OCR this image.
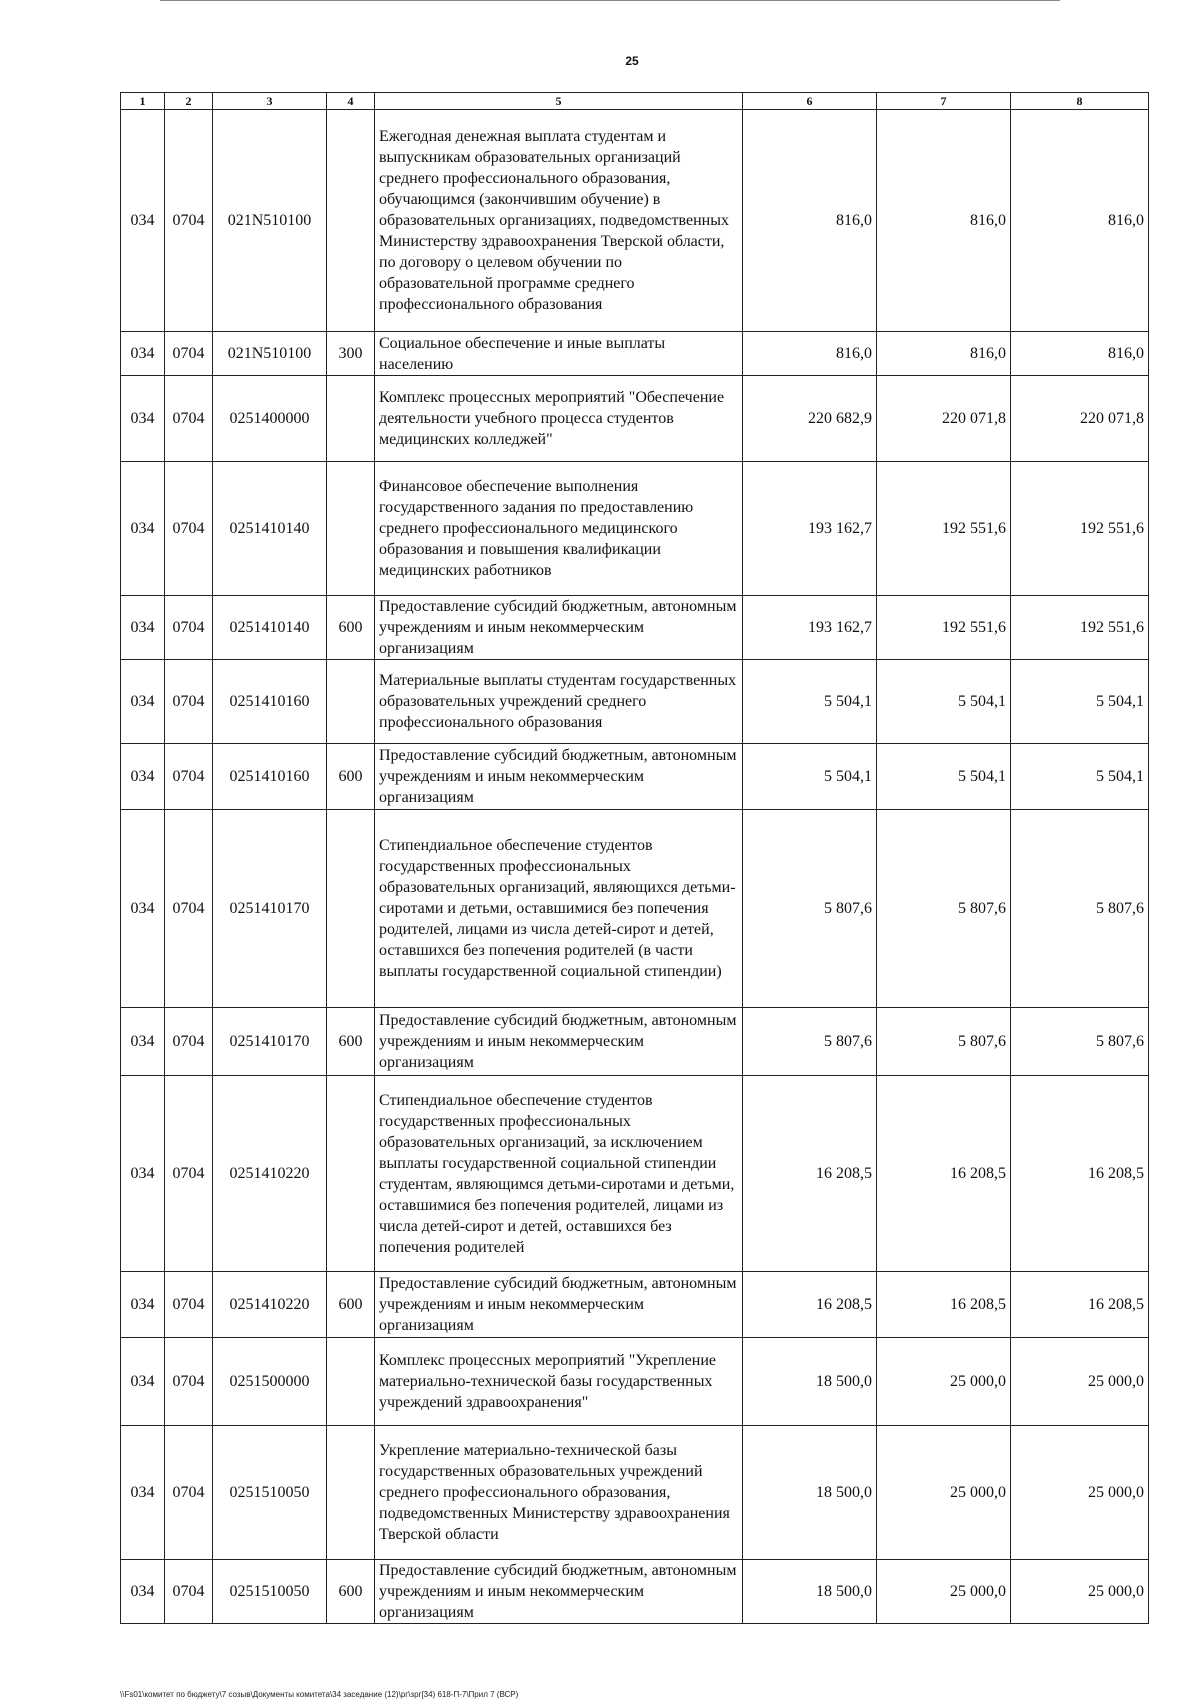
25
1	2	3	4	5	6	7	8
034	0704	021N510100		Ежегодная денежная выплата студентам и выпускникам образовательных организаций среднего профессионального образования, обучающимся (закончившим обучение) в образовательных организациях, подведомственных Министерству здравоохранения Тверской области, по договору о целевом обучении по образовательной программе среднего профессионального образования	816,0	816,0	816,0
034	0704	021N510100	300	Социальное обеспечение и иные выплаты населению	816,0	816,0	816,0
034	0704	0251400000		Комплекс процессных мероприятий "Обеспечение деятельности учебного процесса студентов медицинских колледжей"	220 682,9	220 071,8	220 071,8
034	0704	0251410140		Финансовое обеспечение выполнения государственного задания по предоставлению среднего профессионального медицинского образования и повышения квалификации медицинских работников	193 162,7	192 551,6	192 551,6
034	0704	0251410140	600	Предоставление субсидий бюджетным, автономным учреждениям и иным некоммерческим организациям	193 162,7	192 551,6	192 551,6
034	0704	0251410160		Материальные выплаты студентам государственных образовательных учреждений среднего профессионального образования	5 504,1	5 504,1	5 504,1
034	0704	0251410160	600	Предоставление субсидий бюджетным, автономным учреждениям и иным некоммерческим организациям	5 504,1	5 504,1	5 504,1
034	0704	0251410170		Стипендиальное обеспечение студентов государственных профессиональных образовательных организаций, являющихся детьми-сиротами и детьми, оставшимися без попечения родителей, лицами из числа детей-сирот и детей, оставшихся без попечения родителей (в части выплаты государственной социальной стипендии)	5 807,6	5 807,6	5 807,6
034	0704	0251410170	600	Предоставление субсидий бюджетным, автономным учреждениям и иным некоммерческим организациям	5 807,6	5 807,6	5 807,6
034	0704	0251410220		Стипендиальное обеспечение студентов государственных профессиональных образовательных организаций, за исключением выплаты государственной социальной стипендии студентам, являющимся детьми-сиротами и детьми, оставшимися без попечения родителей, лицами из числа детей-сирот и детей, оставшихся без попечения родителей	16 208,5	16 208,5	16 208,5
034	0704	0251410220	600	Предоставление субсидий бюджетным, автономным учреждениям и иным некоммерческим организациям	16 208,5	16 208,5	16 208,5
034	0704	0251500000		Комплекс процессных мероприятий "Укрепление материально-технической базы государственных учреждений здравоохранения"	18 500,0	25 000,0	25 000,0
034	0704	0251510050		Укрепление материально-технической базы государственных образовательных учреждений среднего профессионального образования, подведомственных Министерству здравоохранения Тверской области	18 500,0	25 000,0	25 000,0
034	0704	0251510050	600	Предоставление субсидий бюджетным, автономным учреждениям и иным некоммерческим организациям	18 500,0	25 000,0	25 000,0
\\Fs01\комитет по бюджету\7 созыв\Документы комитета\34 заседание (12)\рг\зрг[34) 618-П-7\Прил 7 (ВСР)
